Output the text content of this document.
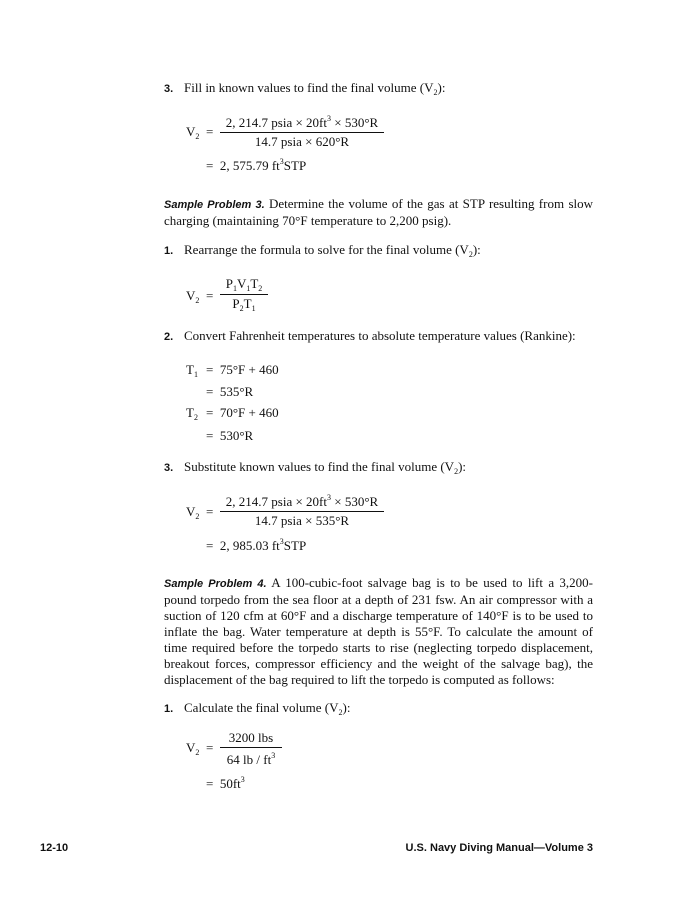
3. Fill in known values to find the final volume $(V_2)$:
$V_2$ =
2, 214.7 psia × $20ft^3 \times 530^\circ R$
14.7 psia × 620°R
= 2, 575.79 $ft^3STP$
Sample Problem 3. Determine the volume of the gas at STP resulting from slow charging (maintaining 70°F temperature to 2,200 psig).
1. Rearrange the formula to solve for the final volume $(V_2)$:
$V_2$ =
$P_1V_1T_2$
$P_2T_1$
2. Convert Fahrenheit temperatures to absolute temperature values (Rankine):
$T_1 = 75^\circ F + 460$
= 535°R
$T_2 = 70^\circ F + 460$
= 530°R
3. Substitute known values to find the final volume $(V_2)$:
$V_2$ =
2, 214.7 psia × $20ft^3 \times 530^\circ R$
14.7 psia × 535°R
= 2, 985.03 $ft^3STP$
Sample Problem 4. A 100-cubic-foot salvage bag is to be used to lift a 3,200-pound torpedo from the sea floor at a depth of 231 fsw. An air compressor with a suction of 120 cfm at 60°F and a discharge temperature of 140°F is to be used to inflate the bag. Water temperature at depth is 55°F. To calculate the amount of time required before the torpedo starts to rise (neglecting torpedo displacement, breakout forces, compressor efficiency and the weight of the salvage bag), the displacement of the bag required to lift the torpedo is computed as follows:
1. Calculate the final volume $(V_2)$:
$V_2$ =
3200 lbs
64 lb / $ft^3$
= $50ft^3$
12-10	U.S. Navy Diving Manual—Volume 3
